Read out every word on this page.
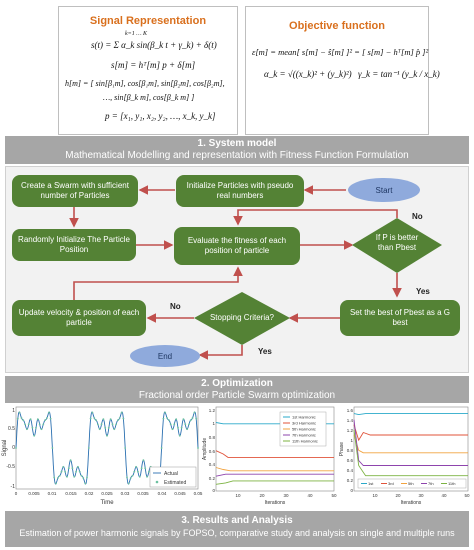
Signal Representation
k=1 … K
s(t) = Σ α_k sin(β_k t + γ_k) + δ(t)
s[m] = hᵀ[m] p + δ[m]
h[m] = [ sin[β₁m], cos[β₁m], sin[β₂m], cos[β₂m],
…, sin[β_k m], cos[β_k m] ]
p = [x₁, y₁, x₂, y₂, …, x_k, y_k]
Objective function
ε[m] = mean[ s[m] − ŝ[m] ]² = [ s[m] − hᵀ[m] p̂ ]²
α_k = √((x_k)² + (y_k)²) γ_k = tan⁻¹ (y_k / x_k)
1. System model
Mathematical Modelling and representation with Fitness Function Formulation
Start
Initialize Particles with pseudo real numbers
Create a Swarm with sufficient number of Particles
Randomly Initialize The Particle Position
Evaluate the fitness of each position of particle
If P is better than Pbest
Set the best of Pbest as a G best
Stopping Criteria?
Update velocity & position of each particle
End
No
Yes
No
Yes
2. Optimization
Fractional order Particle Swarm optimization
Signal
1
0.5
0
-0.5
-1
0 0.005 0.01 0.015 0.02 0.025 0.03 0.035 0.04 0.045 0.05
Time
Actual
Estimated
Amplitude
1.2
1
0.8
0.6
0.4
0.2
0
10	20	30	40	50
Iterations
1st Harmonic
3rd Harmonic
5th Harmonic
7th Harmonic
11th Harmonic
Phase
1.6
1.4
1.2
1
0.8
0.6
0.4
0.2
0
10	20	30	40	50
Iterations
1st	3rd	5th	7th	11th
3. Results and Analysis
Estimation of power harmonic signals by FOPSO, comparative study and analysis on single and multiple runs
